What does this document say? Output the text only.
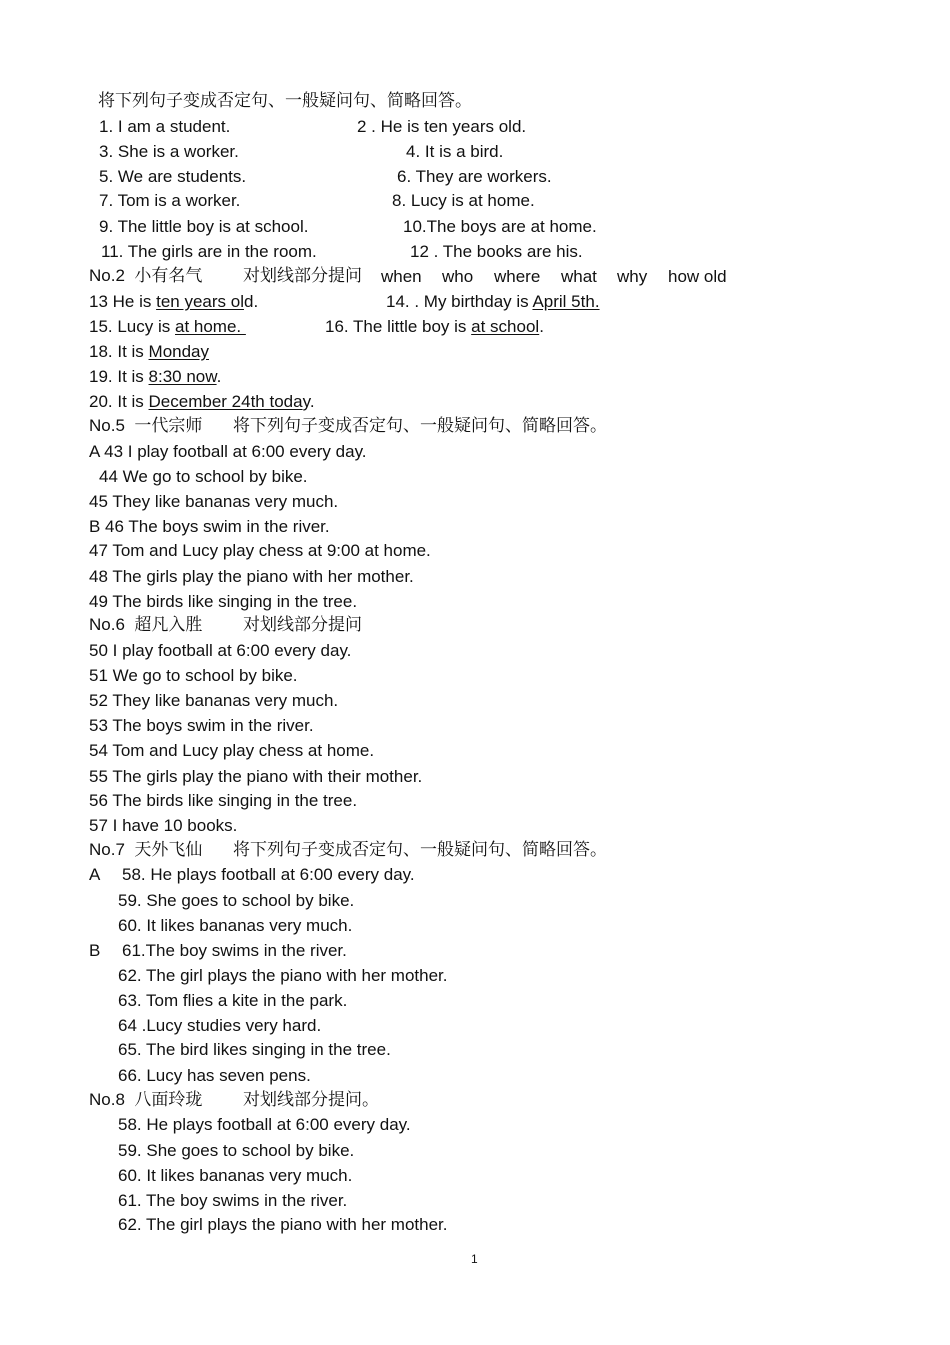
将下列句子变成否定句、一般疑问句、简略回答。
1. I am a student.	2 . He is ten years old.
3. She is a worker.	4. It is a bird.
5. We are students.	6. They are workers.
7. Tom is a worker.	8. Lucy is at home.
9. The little boy is at school.	10.The boys are at home.
11. The girls are in the room.	12 . The books are his.
No.2  小有名气 对划线部分提问 when who where what why how old
13 He is ten years old.	14. . My birthday is April 5th.
15. Lucy is at home.	16. The little boy is at school.
18. It is Monday
19. It is 8:30 now.
20. It is December 24th today.
No.5  一代宗师 将下列句子变成否定句、一般疑问句、简略回答。
A 43 I play football at 6:00 every day.
44 We go to school by bike.
45 They like bananas very much.
B 46 The boys swim in the river.
47 Tom and Lucy play chess at 9:00 at home.
48 The girls play the piano with her mother.
49 The birds like singing in the tree.
No.6  超凡入胜 对划线部分提问
50 I play football at 6:00 every day.
51 We go to school by bike.
52 They like bananas very much.
53 The boys swim in the river.
54 Tom and Lucy play chess at home.
55 The girls play the piano with their mother.
56 The birds like singing in the tree.
57 I have 10 books.
No.7  天外飞仙 将下列句子变成否定句、一般疑问句、简略回答。
A 58. He plays football at 6:00 every day.
59. She goes to school by bike.
60. It likes bananas very much.
B 61.The boy swims in the river.
62. The girl plays the piano with her mother.
63. Tom flies a kite in the park.
64 .Lucy studies very hard.
65. The bird likes singing in the tree.
66. Lucy has seven pens.
No.8  八面玲珑 对划线部分提问。
58. He plays football at 6:00 every day.
59. She goes to school by bike.
60. It likes bananas very much.
61. The boy swims in the river.
62. The girl plays the piano with her mother.
1
